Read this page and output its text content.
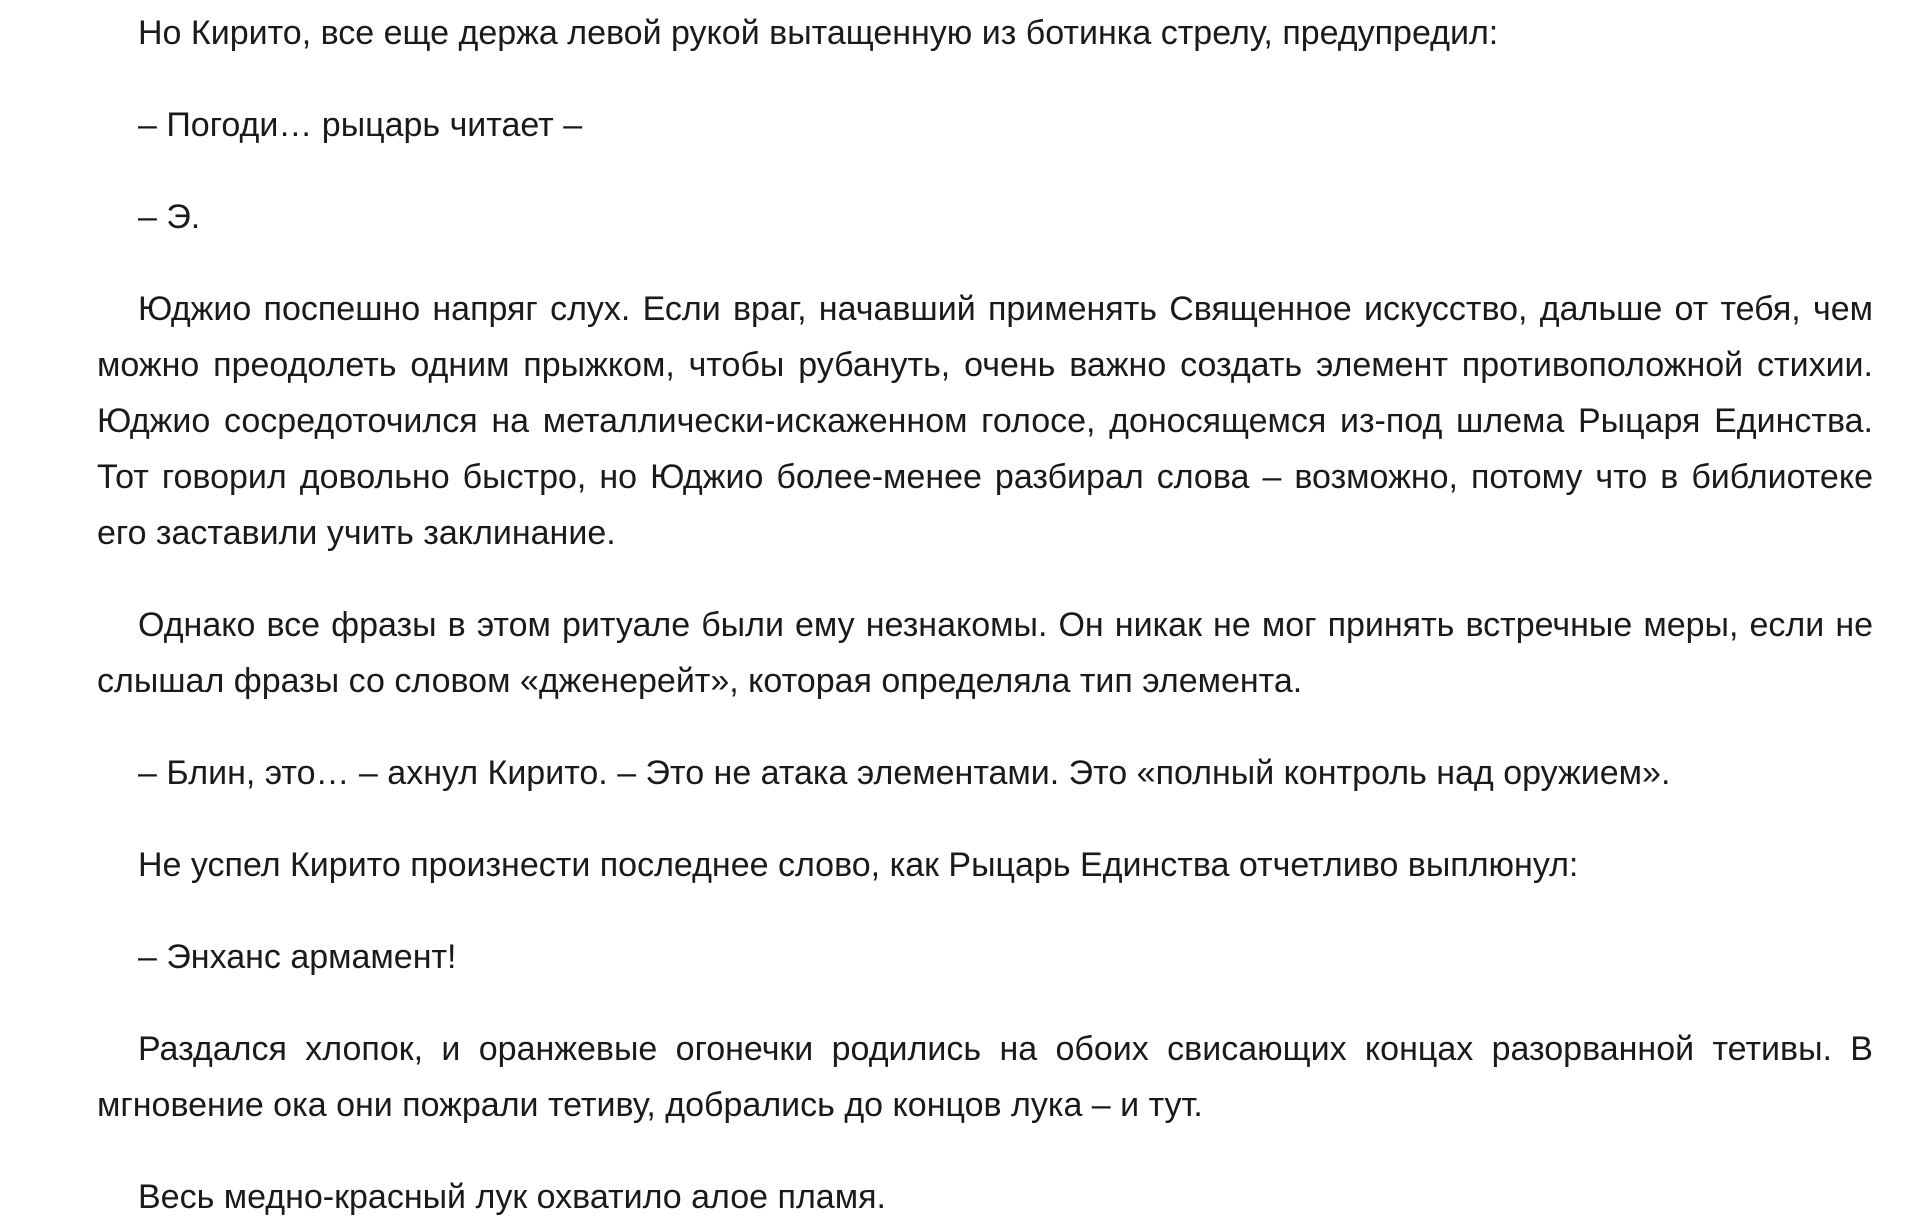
Но Кирито, все еще держа левой рукой вытащенную из ботинка стрелу, предупредил:

– Погоди… рыцарь читает –

– Э.

Юджио поспешно напряг слух. Если враг, начавший применять Священное искусство, дальше от тебя, чем можно преодолеть одним прыжком, чтобы рубануть, очень важно создать элемент противоположной стихии. Юджио сосредоточился на металлически-искаженном голосе, доносящемся из-под шлема Рыцаря Единства. Тот говорил довольно быстро, но Юджио более-менее разбирал слова – возможно, потому что в библиотеке его заставили учить заклинание.

Однако все фразы в этом ритуале были ему незнакомы. Он никак не мог принять встречные меры, если не слышал фразы со словом «дженерейт», которая определяла тип элемента.

– Блин, это… – ахнул Кирито. – Это не атака элементами. Это «полный контроль над оружием».

Не успел Кирито произнести последнее слово, как Рыцарь Единства отчетливо выплюнул:

– Энханс армамент!

Раздался хлопок, и оранжевые огонечки родились на обоих свисающих концах разорванной тетивы. В мгновение ока они пожрали тетиву, добрались до концов лука – и тут.

Весь медно-красный лук охватило алое пламя.
